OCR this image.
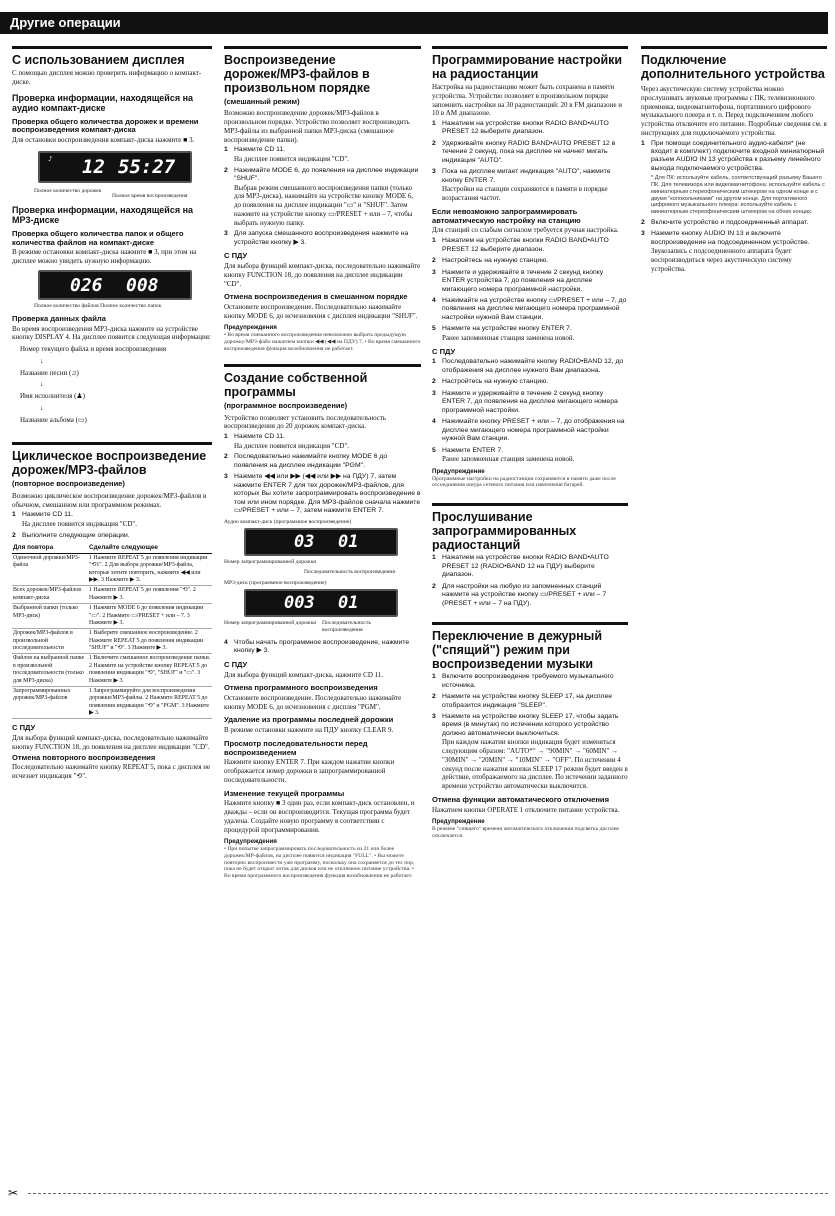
Другие операции
С использованием дисплея

С помощью дисплея можно проверить информацию о компакт-диске.

Проверка информации, находящейся на аудио компакт-диске
Проверка общего количества дорожек и времени воспроизведения компакт-диска

Для остановки воспроизведения компакт-диска нажмите ■ 3.

♪ 12 55:27
Полное количество дорожек
Полное время воспроизведения
Проверка информации, находящейся на MP3-диске
Проверка общего количества папок и общего количества файлов на компакт-диске

В режиме остановки компакт-диска нажмите ■ 3, при этом на дисплее можно увидеть нужную информацию.

026 008
Полное количество файлов Полное количество папок
Проверка данных файла

Во время воспроизведения MP3-диска нажмите на устройстве кнопку DISPLAY 4. На дисплее появится следующая информация:

Номер текущего файла и время воспроизведения
↓
Название песни (♫)
↓
Имя исполнителя (♟)
↓
Название альбома (▭)
Циклическое воспроизведение дорожек/MP3-файлов
(повторное воспроизведение)

Возможно циклическое воспроизведение дорожек/MP3-файлов в обычном, смешанном или программном режимах.

1 Нажмите CD 11.
На дисплее появится индикация "CD".
2 Выполните следующие операции.
Для повтора	Сделайте следующее
Одиночной дорожки/MP3-файла	1 Нажмите REPEAT 5 до появления индикации "⟲1". 2 Для выбора дорожки/MP3-файла, которые хотите повторить, нажмите ◀◀ или ▶▶. 3 Нажмите ▶ 3.
Всех дорожек/MP3-файлов компакт-диска	1 Нажмите REPEAT 5 до появления "⟲". 2 Нажмите ▶ 3.
Выбранной папки (только MP3-диск)	1 Нажмите MODE 6 до появления индикации "▭". 2 Нажмите ▭/PRESET + или – 7. 3 Нажмите ▶ 3.
Дорожек/MP3-файлов в произвольной последовательности	1 Выберите смешанное воспроизведение. 2 Нажмите REPEAT 5 до появления индикации "SHUF" и "⟲". 3 Нажмите ▶ 3.
Файлов на выбранной папке в произвольной последовательности (только для MP3-диска)	1 Включите смешанное воспроизведение папки. 2 Нажмите на устройстве кнопку REPEAT 5 до появления индикации "⟲", "SHUF" и "▭". 3 Нажмите ▶ 3.
Запрограммированных дорожек/MP3-файлов	1 Запрограммируйте для воспроизведения дорожки/MP3-файлы. 2 Нажмите REPEAT 5 до появления индикации "⟲" и "PGM". 3 Нажмите ▶ 3.
С ПДУ

Для выбора функций компакт-диска, последовательно нажимайте кнопку FUNCTION 18, до появления на дисплее индикации "CD".

Отмена повторного воспроизведения

Последовательно нажимайте кнопку REPEAT 5, пока с дисплея не исчезнет индикация "⟲".

Воспроизведение дорожек/MP3-файлов в произвольном порядке
(смешанный режим)

Возможно воспроизведение дорожек/MP3-файлов в произвольном порядке. Устройство позволяет воспроизводить MP3-файлы из выбранной папки MP3-диска (смешанное воспроизведение папки).

1 Нажмите CD 11.
На дисплее появится индикация "CD".
2 Нажимайте MODE 6, до появления на дисплее индикации "SHUF".
Выбрав режим смешанного воспроизведения папки (только для MP3-диска), нажимайте на устройстве кнопку MODE 6, до появления на дисплее индикации "▭" и "SHUF". Затем нажмите на устройстве кнопку ▭/PRESET + или – 7, чтобы выбрать нужную папку.
3 Для запуска смешанного воспроизведения нажмите на устройстве кнопку ▶ 3.
С ПДУ

Для выбора функций компакт-диска, последовательно нажимайте кнопку FUNCTION 18, до появления на дисплее индикации "CD".

Отмена воспроизведения в смешанном порядке

Остановите воспроизведение. Последовательно нажимайте кнопку MODE 6, до исчезновения с дисплея индикации "SHUF".

Предупреждения
• Во время смешанного воспроизведения невозможно выбрать предыдущую дорожку/MP3-файл нажатием кнопки ◀◀ (◀◀ на ПДУ) 7. • Во время смешанного воспроизведения функция возобновления не работает.
Создание собственной программы
(программное воспроизведение)

Устройство позволяет установить последовательность воспроизведения до 20 дорожек компакт-диска.

1 Нажмите CD 11.
На дисплее появится индикация "CD".
2 Последовательно нажимайте кнопку MODE 6 до появления на дисплее индикации "PGM".
3 Нажмите ◀◀ или ▶▶ (◀◀ или ▶▶ на ПДУ) 7, затем нажмите ENTER 7 для тех дорожек/MP3-файлов, для которых Вы хотите запрограммировать воспроизведение в том или ином порядке. Для MP3-файлов сначала нажмите ▭/PRESET + или – 7, затем нажмите ENTER 7.
Аудио компакт-диск (программное воспроизведение)
03 01
Номер запрограммированной дорожки
Последовательность воспроизведения
MP3-диск (программное воспроизведение)
003 01
Номер запрограммированной дорожки Последовательность воспроизведения
4 Чтобы начать программное воспроизведение, нажмите кнопку ▶ 3.
С ПДУ

Для выбора функций компакт-диска, нажмите CD 11.

Отмена программного воспроизведения

Остановите воспроизведение. Последовательно нажимайте кнопку MODE 6, до исчезновения с дисплея "PGM".

Удаление из программы последней дорожки

В режиме остановки нажмите на ПДУ кнопку CLEAR 9.

Просмотр последовательности перед воспроизведением

Нажмите кнопку ENTER 7. При каждом нажатии кнопки отображается номер дорожки в запрограммированной последовательности.

Изменение текущей программы

Нажмите кнопку ■ 3 один раз, если компакт-диск остановлен, и дважды – если он воспроизводится. Текущая программа будет удалена. Создайте новую программу в соответствии с процедурой программирования.

Предупреждения
• При попытке запрограммировать последовательность из 21 или более дорожек/MP-файлов, на дисплее появится индикация "FULL". • Вы можете повторно воспроизвести уже программу, поскольку она сохраняется до тех пор, пока не будет открыт лоток для дисков или не отключено питание устройства. • Во время программного воспроизведения функция возобновления не работает.
Программирование настройки на радиостанции

Настройка на радиостанцию может быть сохранена в памяти устройства. Устройство позволяет в произвольном порядке запомнить настройки на 30 радиостанций: 20 в FM диапазоне и 10 в AM диапазоне.

1 Нажатием на устройстве кнопки RADIO BAND•AUTO PRESET 12 выберите диапазон.
2 Удерживайте кнопку RADIO BAND•AUTO PRESET 12 в течение 2 секунд, пока на дисплее не начнет мигать индикация "AUTO".
3 Пока на дисплее мигает индикация "AUTO", нажмите кнопку ENTER 7.
Настройки на станции сохраняются в памяти в порядке возрастания частот.
Если невозможно запрограммировать автоматическую настройку на станцию

Для станций со слабым сигналом требуется ручная настройка.

1 Нажатием на устройстве кнопки RADIO BAND•AUTO PRESET 12 выберите диапазон.
2 Настройтесь на нужную станцию.
3 Нажмите и удерживайте в течение 2 секунд кнопку ENTER устройства 7, до появления на дисплее мигающего номера программной настройки.
4 Нажимайте на устройстве кнопку ▭/PRESET + или – 7, до появления на дисплее мигающего номера программной настройки нужной Вам станции.
5 Нажмите на устройстве кнопку ENTER 7.
Ранее запомненная станция заменена новой.
С ПДУ
1 Последовательно нажимайте кнопку RADIO•BAND 12, до отображения на дисплее нужного Вам диапазона.
2 Настройтесь на нужную станцию.
3 Нажмите и удерживайте в течение 2 секунд кнопку ENTER 7, до появления на дисплее мигающего номера программной настройки.
4 Нажимайте кнопку PRESET + или – 7, до отображения на дисплее мигающего номера программной настройки нужной Вам станции.
5 Нажмите ENTER 7.
Ранее запомненная станция заменена новой.
Предупреждение
Программные настройки на радиостанции сохраняются в памяти даже после отсоединения шнура сетевого питания или извлечения батарей.
Прослушивание запрограммированных радиостанций
1 Нажатием на устройстве кнопки RADIO BAND•AUTO PRESET 12 (RADIO•BAND 12 на ПДУ) выберите диапазон.
2 Для настройки на любую из запомненных станций нажмите на устройстве кнопку ▭/PRESET + или – 7 (PRESET + или – 7 на ПДУ).
Переключение в дежурный ("спящий") режим при воспроизведении музыки
1 Включите воспроизведение требуемого музыкального источника.
2 Нажмите на устройстве кнопку SLEEP 17, на дисплее отобразится индикация "SLEEP".
3 Нажмите на устройстве кнопку SLEEP 17, чтобы задать время (в минутах) по истечении которого устройство должно автоматически выключиться.
При каждом нажатии кнопки индикация будет изменяться следующим образом: "AUTO*" → "90MIN" → "60MIN" → "30MIN" → "20MIN" → "10MIN" → "OFF". По истечении 4 секунд после нажатия кнопки SLEEP 17 режим будет введен в действие, отображаемого на дисплее. По истечении заданного времени устройство автоматически выключится.
Отмена функции автоматического отключения

Нажатием кнопки OPERATE 1 отключите питание устройства.

Предупреждение
В режиме "спящего" времени автоматического отключения подсветка дисплея отключается.
Подключение дополнительного устройства

Через акустическую систему устройства можно прослушивать звуковые программы с ПК, телевизионного приемника, видеомагнитофона, портативного цифрового музыкального плеера и т. п. Перед подключением любого устройства отключите его питание. Подробные сведения см. в инструкциях для подключаемого устройства.

1 При помощи соединительного аудио-кабеля* (не входит в комплект) подключите входной миниатюрный разъем AUDIO IN 13 устройства к разъему линейного выхода подключаемого устройства.
* Для ПК: используйте кабель, соответствующий разъему Вашего ПК. Для телевизора или видеомагнитофона: используйте кабель с миниатюрным стереофоническим штекером на одном конце и с двумя "колокольчиками" на другом конце. Для портативного цифрового музыкального плеера: используйте кабель с миниатюрным стереофоническим штекером на обоих концах.
2 Включите устройство и подсоединенный аппарат.
3 Нажмите кнопку AUDIO IN 13 и включите воспроизведение на подсоединенном устройстве.
Звукозапись с подсоединенного аппарата будет воспроизводиться через акустическую систему устройства.
✂
